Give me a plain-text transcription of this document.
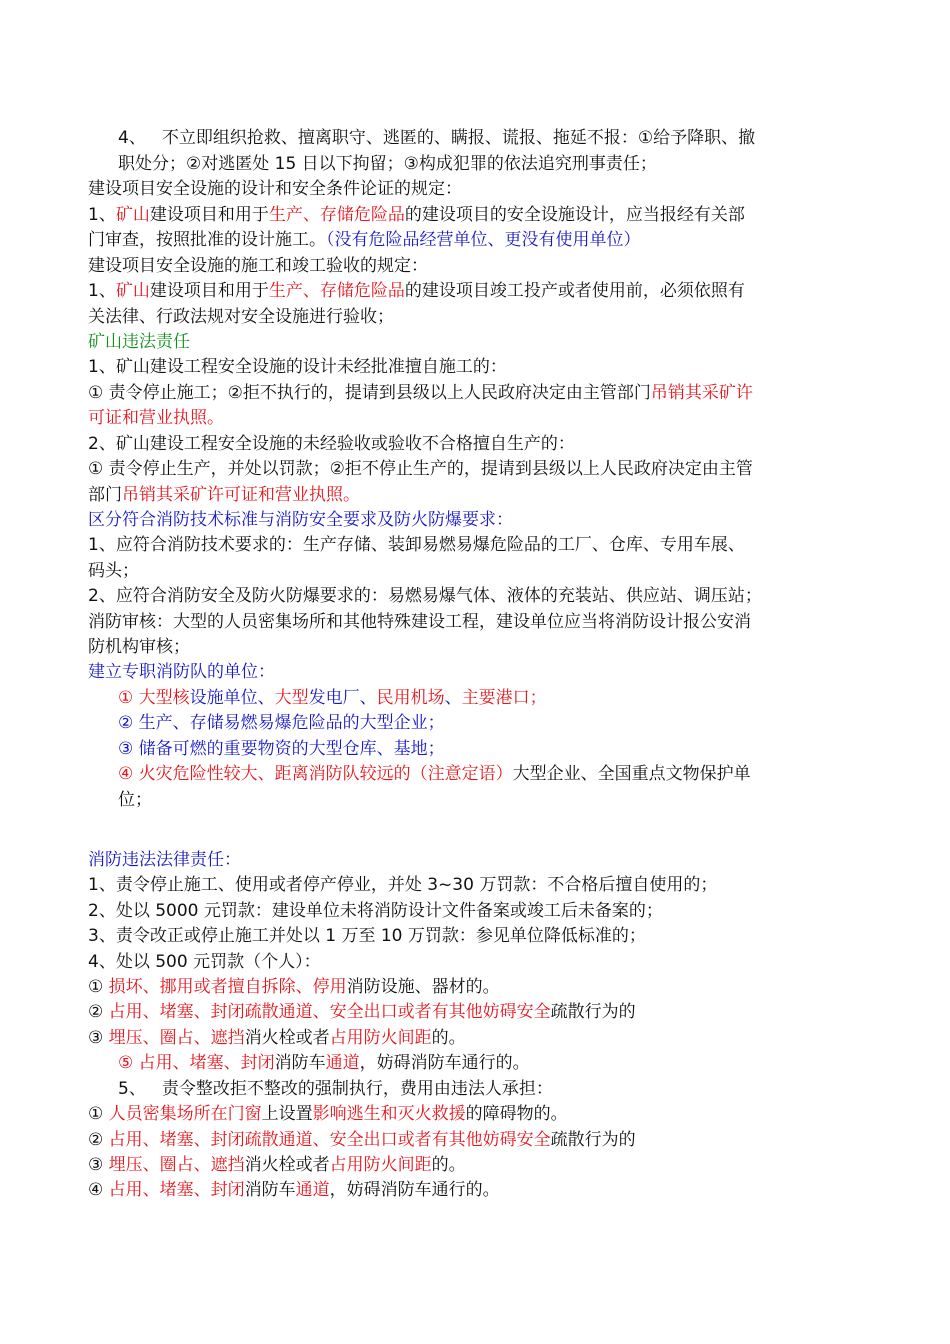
4、 不立即组织抢救、擅离职守、逃匿的、瞒报、谎报、拖延不报：①给予降职、撤
职处分；②对逃匿处 15 日以下拘留；③构成犯罪的依法追究刑事责任；
建设项目安全设施的设计和安全条件论证的规定：
1、矿山建设项目和用于生产、存储危险品的建设项目的安全设施设计，应当报经有关部
门审查，按照批准的设计施工。（没有危险品经营单位、更没有使用单位）
建设项目安全设施的施工和竣工验收的规定：
1、矿山建设项目和用于生产、存储危险品的建设项目竣工投产或者使用前，必须依照有
关法律、行政法规对安全设施进行验收；
矿山违法责任
1、矿山建设工程安全设施的设计未经批准擅自施工的：
① 责令停止施工；②拒不执行的，提请到县级以上人民政府决定由主管部门吊销其采矿许
可证和营业执照。
2、矿山建设工程安全设施的未经验收或验收不合格擅自生产的：
① 责令停止生产，并处以罚款；②拒不停止生产的，提请到县级以上人民政府决定由主管
部门吊销其采矿许可证和营业执照。
区分符合消防技术标准与消防安全要求及防火防爆要求：
1、应符合消防技术要求的：生产存储、装卸易燃易爆危险品的工厂、仓库、专用车展、
码头；
2、应符合消防安全及防火防爆要求的：易燃易爆气体、液体的充装站、供应站、调压站；
消防审核：大型的人员密集场所和其他特殊建设工程，建设单位应当将消防设计报公安消
防机构审核；
建立专职消防队的单位：
① 大型核设施单位、大型发电厂、民用机场、主要港口；
② 生产、存储易燃易爆危险品的大型企业；
③ 储备可燃的重要物资的大型仓库、基地；
④ 火灾危险性较大、距离消防队较远的（注意定语）大型企业、全国重点文物保护单
位；
消防违法法律责任：
1、责令停止施工、使用或者停产停业，并处 3~30 万罚款：不合格后擅自使用的；
2、处以 5000 元罚款：建设单位未将消防设计文件备案或竣工后未备案的；
3、责令改正或停止施工并处以 1 万至 10 万罚款：参见单位降低标准的；
4、处以 500 元罚款（个人）：
① 损坏、挪用或者擅自拆除、停用消防设施、器材的。
② 占用、堵塞、封闭疏散通道、安全出口或者有其他妨碍安全疏散行为的
③ 埋压、圈占、遮挡消火栓或者占用防火间距的。
⑤ 占用、堵塞、封闭消防车通道，妨碍消防车通行的。
5、 责令整改拒不整改的强制执行，费用由违法人承担：
① 人员密集场所在门窗上设置影响逃生和灭火救援的障碍物的。
② 占用、堵塞、封闭疏散通道、安全出口或者有其他妨碍安全疏散行为的
③ 埋压、圈占、遮挡消火栓或者占用防火间距的。
④ 占用、堵塞、封闭消防车通道，妨碍消防车通行的。
